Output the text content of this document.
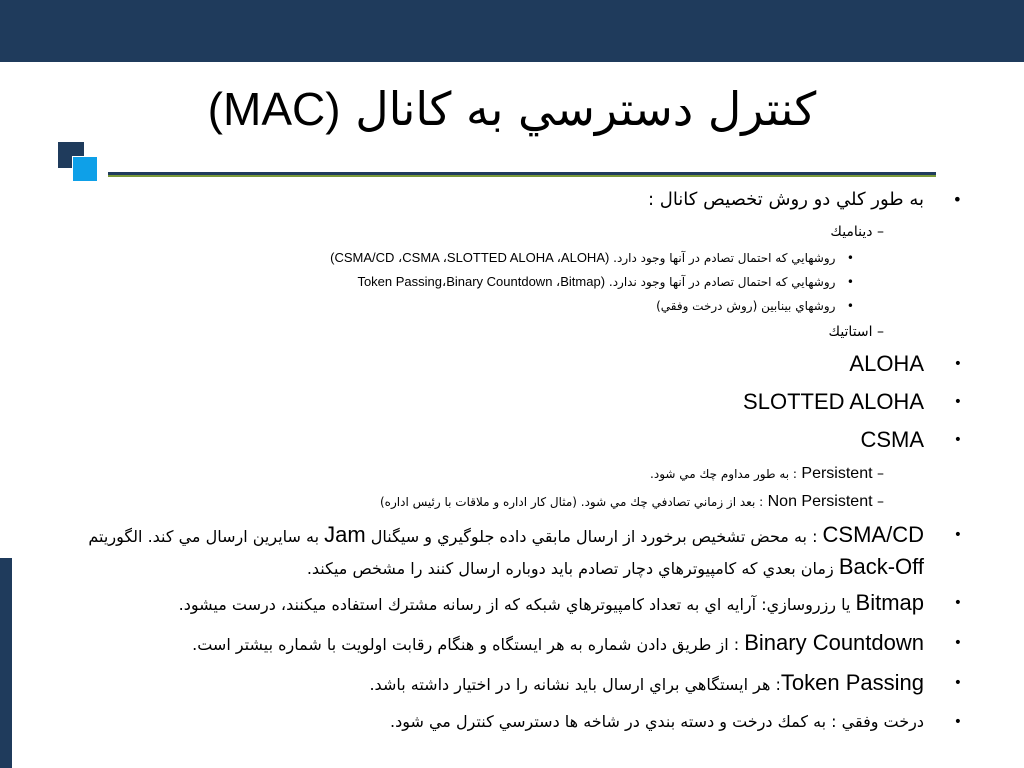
كنترل دسترسي به كانال (MAC)
•
به طور كلي دو روش تخصيص كانال :
– ديناميك
•   روشهايي كه احتمال تصادم در آنها وجود دارد. (CSMA/CD ،CSMA ،SLOTTED ALOHA ،ALOHA)
•   روشهايي كه احتمال تصادم در آنها وجود ندارد. (Token Passing،Binary Countdown ،Bitmap
•   روشهاي بينابين (روش درخت وفقي)
– استاتيك
•
ALOHA
•
SLOTTED ALOHA
•
CSMA
– Persistent : به طور مداوم چك مي شود.
– Non Persistent : بعد از زماني تصادفي چك مي شود. (مثال كار اداره و ملاقات با رئيس اداره)
•
CSMA/CD : به محض تشخيص برخورد از ارسال مابقي داده جلوگيري و سيگنال Jam به سايرين ارسال مي كند. الگوريتم Back-Off زمان بعدي كه كامپيوترهاي دچار تصادم بايد دوباره ارسال كنند را مشخص ميكند.
•
Bitmap يا رزروسازي: آرايه اي به تعداد كامپيوترهاي شبكه كه از رسانه مشترك استفاده ميكنند، درست ميشود.
•
Binary Countdown : از طريق دادن شماره به هر ايستگاه و هنگام رقابت اولويت با شماره بيشتر است.
•
Token Passing: هر ايستگاهي براي ارسال بايد نشانه را در اختيار داشته باشد.
•
درخت وفقي : به كمك درخت و دسته بندي در شاخه ها دسترسي كنترل مي شود.
